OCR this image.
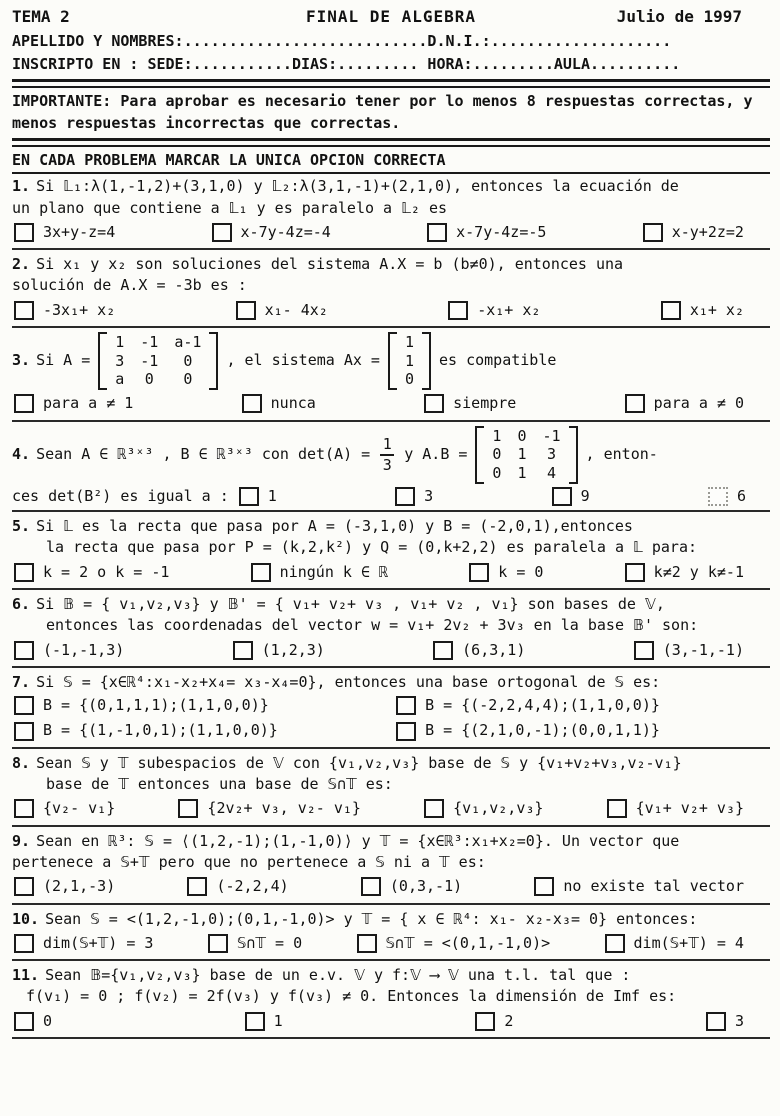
TEMA 2	FINAL DE ALGEBRA	Julio de 1997
APELLIDO Y NOMBRES:...........................D.N.I.:....................
INSCRIPTO EN : SEDE:...........DIAS:......... HORA:.........AULA..........
IMPORTANTE: Para aprobar es necesario tener por lo menos 8 respuestas correctas, y menos respuestas incorrectas que correctas.
EN CADA PROBLEMA MARCAR LA UNICA OPCION CORRECTA
1. Si 𝕃₁:λ(1,-1,2)+(3,1,0) y 𝕃₂:λ(3,1,-1)+(2,1,0), entonces la ecuación de
un plano que contiene a 𝕃₁ y es paralelo a 𝕃₂ es
3x+y-z=4	x-7y-4z=-4	x-7y-4z=-5	x-y+2z=2
2. Si x₁ y x₂ son soluciones del sistema A.X = b (b≠0), entonces una
solución de A.X = -3b es :
-3x₁+ x₂	x₁- 4x₂	-x₁+ x₂	x₁+ x₂
3. Si A =
1 -1 a-1
3 -1	0
a	0	0
, el sistema Ax =
1
1
0
es compatible
para a ≠ 1	nunca	siempre	para a ≠ 0
4. Sean A ∈ ℝ³ˣ³ , B ∈ ℝ³ˣ³ con $\det(A) = \frac{1}{3}$ y A.B =
1 0 -1
0 1	3
0 1	4
, enton-
ces det(B²) es igual a :	1	3	9	6
5. Si 𝕃 es la recta que pasa por A = (-3,1,0) y B = (-2,0,1),entonces
la recta que pasa por P = (k,2,k²) y Q = (0,k+2,2) es paralela a 𝕃 para:
k = 2 o k = -1	ningún k ∈ ℝ	k = 0	k≠2 y k≠-1
6. Si 𝔹 = { v₁,v₂,v₃} y 𝔹' = { v₁+ v₂+ v₃ , v₁+ v₂ , v₁} son bases de 𝕍,
entonces las coordenadas del vector w = v₁+ 2v₂ + 3v₃ en la base 𝔹' son:
(-1,-1,3)	(1,2,3)	(6,3,1)	(3,-1,-1)
7. Si 𝕊 = {x∈ℝ⁴:x₁-x₂+x₄= x₃-x₄=0}, entonces una base ortogonal de 𝕊 es:
B = {(0,1,1,1);(1,1,0,0)}	B = {(-2,2,4,4);(1,1,0,0)}
B = {(1,-1,0,1);(1,1,0,0)}	B = {(2,1,0,-1);(0,0,1,1)}
8. Sean 𝕊 y 𝕋 subespacios de 𝕍 con {v₁,v₂,v₃} base de 𝕊 y {v₁+v₂+v₃,v₂-v₁}
base de 𝕋 entonces una base de 𝕊∩𝕋 es:
{v₂- v₁}	{2v₂+ v₃, v₂- v₁}	{v₁,v₂,v₃}	{v₁+ v₂+ v₃}
9. Sean en ℝ³: 𝕊 = ⟨(1,2,-1);(1,-1,0)⟩ y 𝕋 = {x∈ℝ³:x₁+x₂=0}. Un vector que
pertenece a 𝕊+𝕋 pero que no pertenece a 𝕊 ni a 𝕋 es:
(2,1,-3)	(-2,2,4)	(0,3,-1)	no existe tal vector
10. Sean 𝕊 = <(1,2,-1,0);(0,1,-1,0)> y 𝕋 = { x ∈ ℝ⁴: x₁- x₂-x₃= 0} entonces:
dim(𝕊+𝕋) = 3	𝕊∩𝕋 = 0	𝕊∩𝕋 = <(0,1,-1,0)>	dim(𝕊+𝕋) = 4
11. Sean 𝔹={v₁,v₂,v₃} base de un e.v. 𝕍 y f:𝕍 ⟶ 𝕍 una t.l. tal que :
f(v₁) = 0 ; f(v₂) = 2f(v₃) y f(v₃) ≠ 0. Entonces la dimensión de Imf es:
0	1	2	3
